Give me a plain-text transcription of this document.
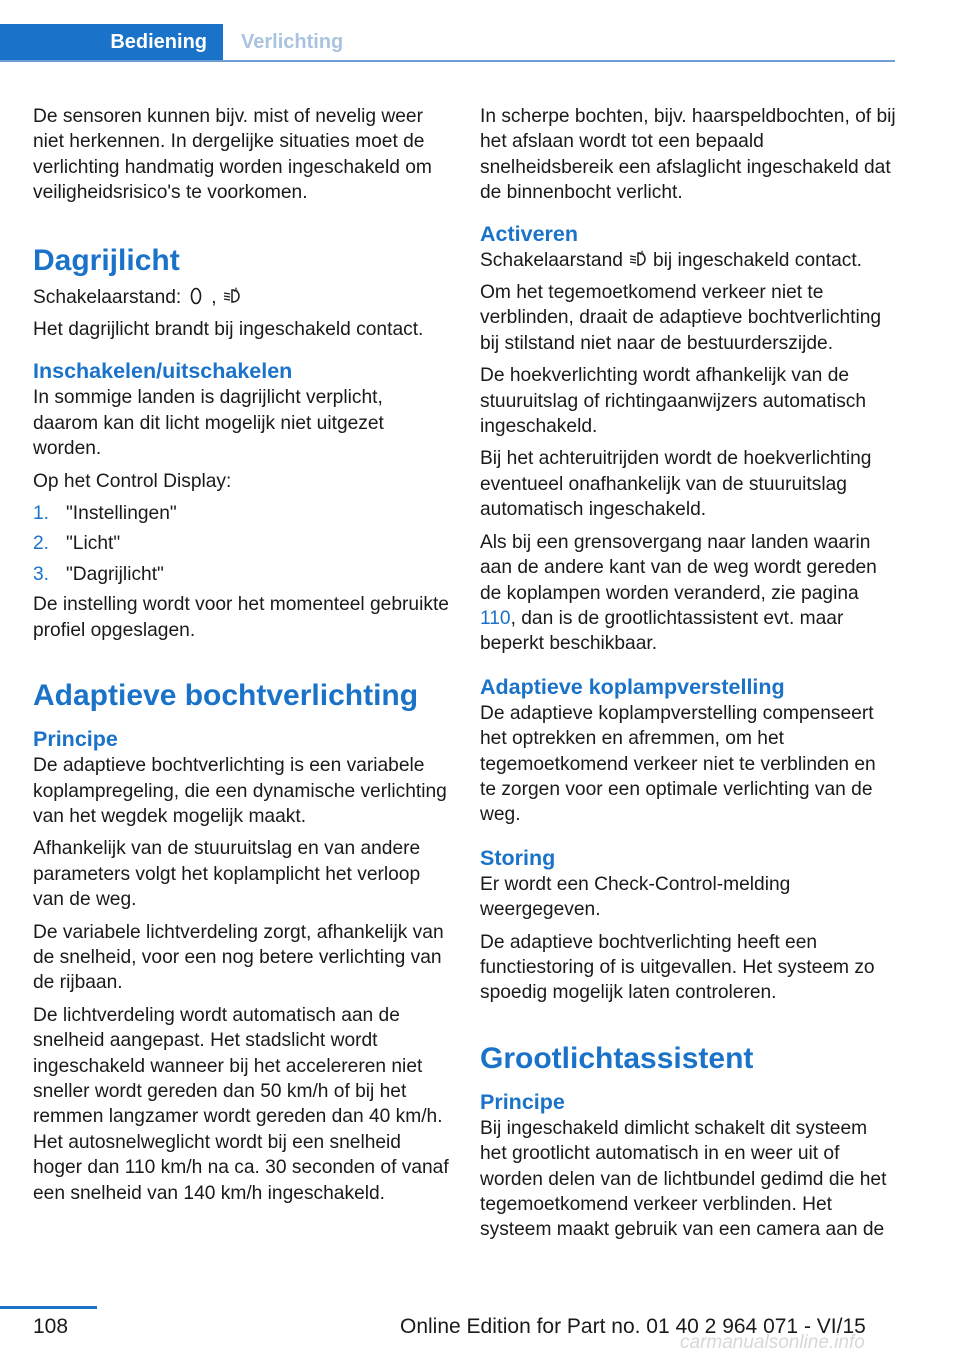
Bediening	Verlichting

De sensoren kunnen bijv. mist of nevelig weer niet herkennen. In dergelijke situaties moet de verlichting handmatig worden ingeschakeld om veiligheidsrisico's te voorkomen.

Dagrijlicht

Schakelaarstand: ,	A

Het dagrijlicht brandt bij ingeschakeld contact.

Inschakelen/uitschakelen

In sommige landen is dagrijlicht verplicht, daarom kan dit licht mogelijk niet uitgezet worden.

Op het Control Display:

1. "Instellingen"
2. "Licht"
3. "Dagrijlicht"

De instelling wordt voor het momenteel gebruikte profiel opgeslagen.

Adaptieve bochtverlichting
Principe

De adaptieve bochtverlichting is een variabele koplampregeling, die een dynamische verlichting van het wegdek mogelijk maakt.

Afhankelijk van de stuuruitslag en van andere parameters volgt het koplamplicht het verloop van de weg.

De variabele lichtverdeling zorgt, afhankelijk van de snelheid, voor een nog betere verlichting van de rijbaan.

De lichtverdeling wordt automatisch aan de snelheid aangepast. Het stadslicht wordt ingeschakeld wanneer bij het accelereren niet sneller wordt gereden dan 50 km/h of bij het remmen langzamer wordt gereden dan 40 km/h. Het autosnelweglicht wordt bij een snelheid hoger dan 110 km/h na ca. 30 seconden of vanaf een snelheid van 140 km/h ingeschakeld.

In scherpe bochten, bijv. haarspeldbochten, of bij het afslaan wordt tot een bepaald snelheidsbereik een afslaglicht ingeschakeld dat de binnenbocht verlicht.

Activeren

Schakelaarstand	A bij ingeschakeld contact.

Om het tegemoetkomend verkeer niet te verblinden, draait de adaptieve bochtverlichting bij stilstand niet naar de bestuurderszijde.

De hoekverlichting wordt afhankelijk van de stuuruitslag of richtingaanwijzers automatisch ingeschakeld.

Bij het achteruitrijden wordt de hoekverlichting eventueel onafhankelijk van de stuuruitslag automatisch ingeschakeld.

Als bij een grensovergang naar landen waarin aan de andere kant van de weg wordt gereden de koplampen worden veranderd, zie pagina 110, dan is de grootlichtassistent evt. maar beperkt beschikbaar.

Adaptieve koplampverstelling

De adaptieve koplampverstelling compenseert het optrekken en afremmen, om het tegemoetkomend verkeer niet te verblinden en te zorgen voor een optimale verlichting van de weg.

Storing

Er wordt een Check-Control-melding weergegeven.

De adaptieve bochtverlichting heeft een functiestoring of is uitgevallen. Het systeem zo spoedig mogelijk laten controleren.

Grootlichtassistent
Principe

Bij ingeschakeld dimlicht schakelt dit systeem het grootlicht automatisch in en weer uit of worden delen van de lichtbundel gedimd die het tegemoetkomend verkeer verblinden. Het systeem maakt gebruik van een camera aan de

108	Online Edition for Part no. 01 40 2 964 071 - VI/15
carmanualsonline.info
